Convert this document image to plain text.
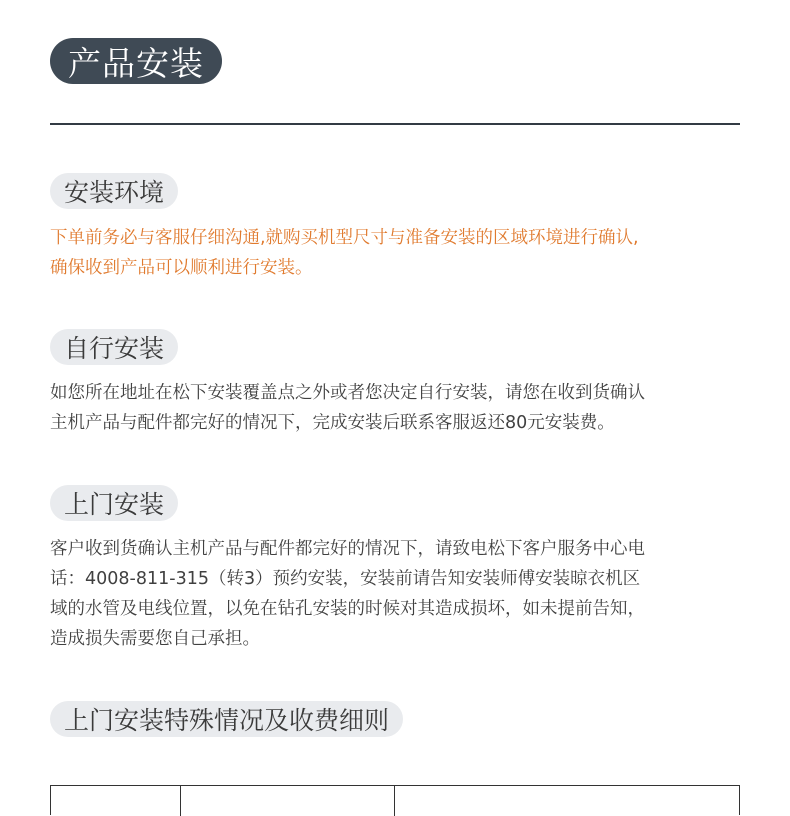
产品安装
安装环境
下单前务必与客服仔细沟通,就购买机型尺寸与准备安装的区域环境进行确认,
确保收到产品可以顺利进行安装。
自行安装
如您所在地址在松下安装覆盖点之外或者您决定自行安装，请您在收到货确认
主机产品与配件都完好的情况下，完成安装后联系客服返还80元安装费。
上门安装
客户收到货确认主机产品与配件都完好的情况下，请致电松下客户服务中心电
话：4008-811-315（转3）预约安装，安装前请告知安装师傅安装晾衣机区
域的水管及电线位置，以免在钻孔安装的时候对其造成损坏，如未提前告知，
造成损失需要您自己承担。
上门安装特殊情况及收费细则
